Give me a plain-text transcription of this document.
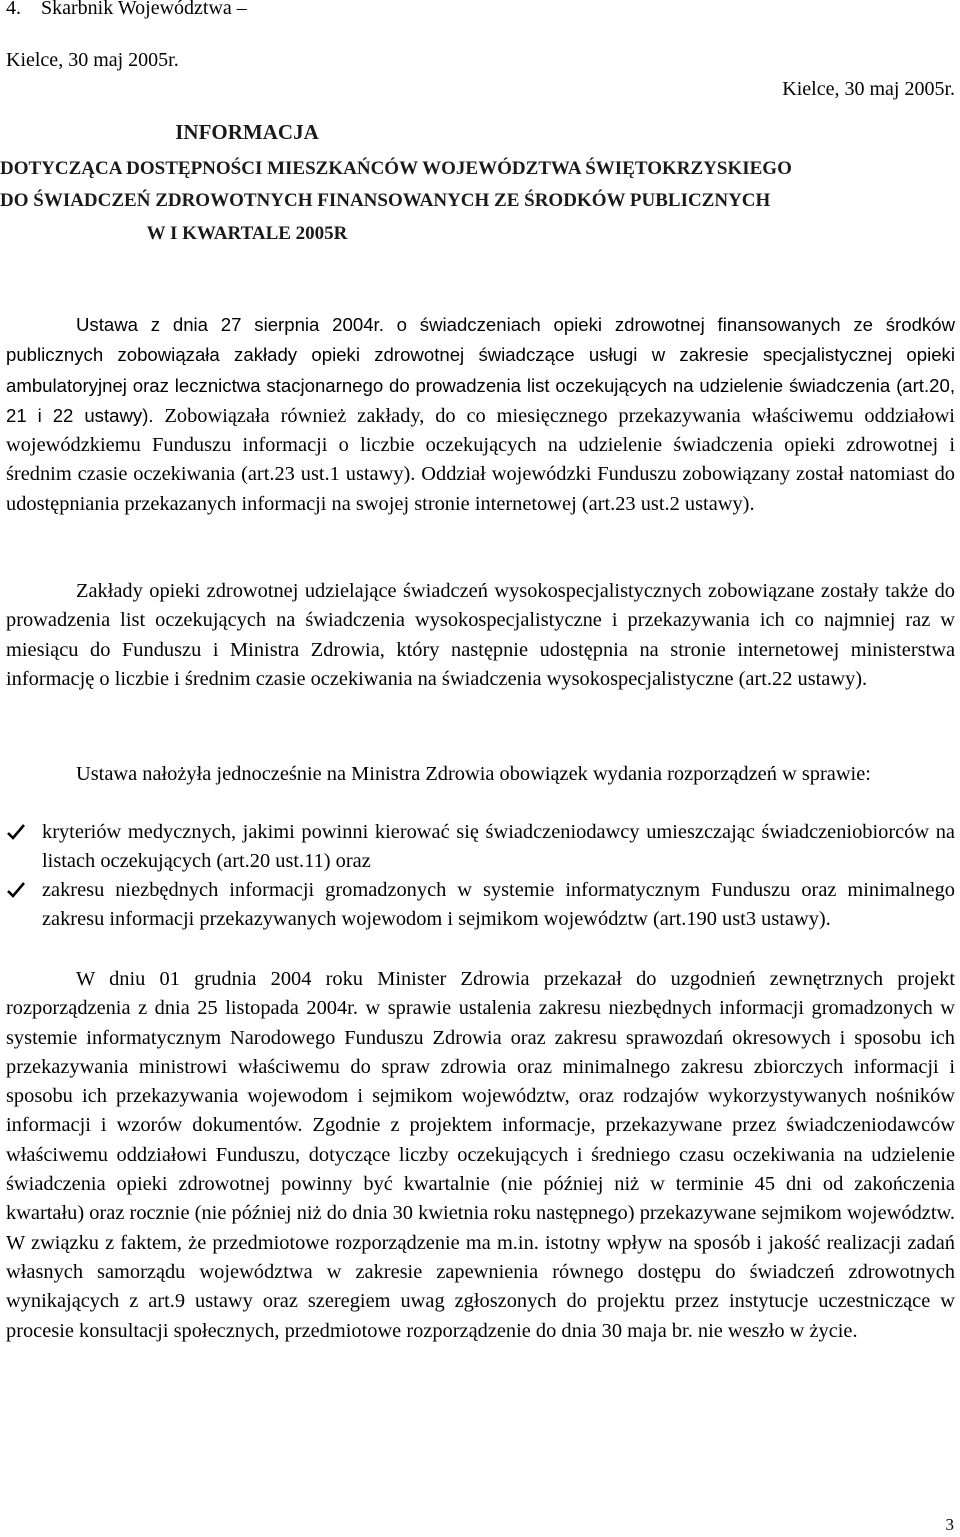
4. Skarbnik Województwa –
Kielce, 30 maj 2005r.
Kielce, 30 maj 2005r.
INFORMACJA
DOTYCZĄCA DOSTĘPNOŚCI MIESZKAŃCÓW WOJEWÓDZTWA ŚWIĘTOKRZYSKIEGO
DO ŚWIADCZEŃ ZDROWOTNYCH FINANSOWANYCH ZE ŚRODKÓW PUBLICZNYCH
W I KWARTALE 2005R

Ustawa z dnia 27 sierpnia 2004r. o świadczeniach opieki zdrowotnej finansowanych ze środków publicznych zobowiązała zakłady opieki zdrowotnej świadczące usługi w zakresie specjalistycznej opieki ambulatoryjnej oraz lecznictwa stacjonarnego do prowadzenia list oczekujących na udzielenie świadczenia (art.20, 21 i 22 ustawy). Zobowiązała również zakłady, do co miesięcznego przekazywania właściwemu oddziałowi wojewódzkiemu Funduszu informacji o liczbie oczekujących na udzielenie świadczenia opieki zdrowotnej i średnim czasie oczekiwania (art.23 ust.1 ustawy). Oddział wojewódzki Funduszu zobowiązany został natomiast do udostępniania przekazanych informacji na swojej stronie internetowej (art.23 ust.2 ustawy).

Zakłady opieki zdrowotnej udzielające świadczeń wysokospecjalistycznych zobowiązane zostały także do prowadzenia list oczekujących na świadczenia wysokospecjalistyczne i przekazywania ich co najmniej raz w miesiącu do Funduszu i Ministra Zdrowia, który następnie udostępnia na stronie internetowej ministerstwa informację o liczbie i średnim czasie oczekiwania na świadczenia wysokospecjalistyczne (art.22 ustawy).

Ustawa nałożyła jednocześnie na Ministra Zdrowia obowiązek wydania rozporządzeń w sprawie:

kryteriów medycznych, jakimi powinni kierować się świadczeniodawcy umieszczając świadczeniobiorców na listach oczekujących (art.20 ust.11) oraz
zakresu niezbędnych informacji gromadzonych w systemie informatycznym Funduszu oraz minimalnego zakresu informacji przekazywanych wojewodom i sejmikom województw (art.190 ust3 ustawy).

W dniu 01 grudnia 2004 roku Minister Zdrowia przekazał do uzgodnień zewnętrznych projekt rozporządzenia z dnia 25 listopada 2004r. w sprawie ustalenia zakresu niezbędnych informacji gromadzonych w systemie informatycznym Narodowego Funduszu Zdrowia oraz zakresu sprawozdań okresowych i sposobu ich przekazywania ministrowi właściwemu do spraw zdrowia oraz minimalnego zakresu zbiorczych informacji i sposobu ich przekazywania wojewodom i sejmikom województw, oraz rodzajów wykorzystywanych nośników informacji i wzorów dokumentów. Zgodnie z projektem informacje, przekazywane przez świadczeniodawców właściwemu oddziałowi Funduszu, dotyczące liczby oczekujących i średniego czasu oczekiwania na udzielenie świadczenia opieki zdrowotnej powinny być kwartalnie (nie później niż w terminie 45 dni od zakończenia kwartału) oraz rocznie (nie później niż do dnia 30 kwietnia roku następnego) przekazywane sejmikom województw. W związku z faktem, że przedmiotowe rozporządzenie ma m.in. istotny wpływ na sposób i jakość realizacji zadań własnych samorządu województwa w zakresie zapewnienia równego dostępu do świadczeń zdrowotnych wynikających z art.9 ustawy oraz szeregiem uwag zgłoszonych do projektu przez instytucje uczestniczące w procesie konsultacji społecznych, przedmiotowe rozporządzenie do dnia 30 maja br. nie weszło w życie.

3
